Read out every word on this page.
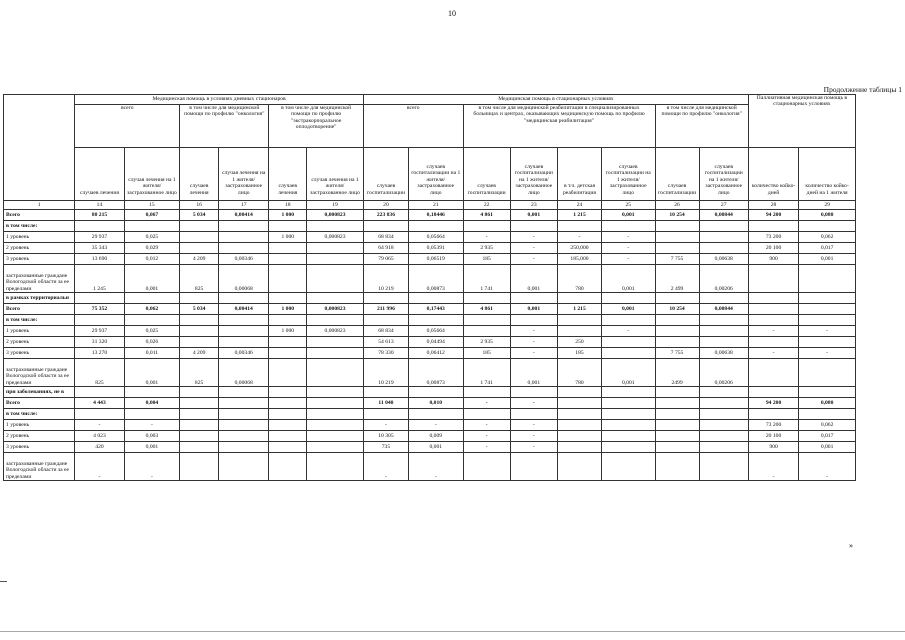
10
Продолжение таблицы 1
	Медицинская помощь в условиях дневных стационаров						Медицинская помощь в стационарных условиях								Паллиативная медицинская помощь в стационарных условиях	
	всего		в том числе для медицинской помощи по профилю "онкология"		в том числе для медицинской помощи по профилю "экстракорпоральное оплодотворение"		всего		в том числе для медицинской реабилитации в специализированных больницах и центрах, оказывающих медицинскую помощь по профилю "медицинская реабилитация"				в том числе для медицинской помощи по профилю "онкология"			
	случаев лечения	случая лечения на 1 жителя/застрахованное лицо	случаев лечения	случая лечения на 1 жителя/застрахованное лицо	случаев лечения	случая лечения на 1 жителя/застрахованное лицо	случаев госпитализации	случаев госпитализации на 1 жителя/застрахованное лицо	случаев госпитализации	случаев госпитализации на 1 жителя/застрахованное лицо	в т.ч. детская реабилитация	случаев госпитализации на 1 жителя/застрахованное лицо	случаев госпитализации	случаев госпитализации на 1 жителя/застрахованное лицо	количество койко-дней	количество койко-дней на 1 жителя
1	14	15	16	17	18	19	20	21	22	23	24	25	26	27	28	29
Всего	80 215	0,067	5 034	0,00414	1 000	0,000823	223 836	0,18446	4 861	0,001	1 215	0,001	10 254	0,00844	94 200	0,080
в том числе:																
1 уровень	29 937	0,025			1 000	0,000823	68 834	0,05664	-	-	-	-			73 200	0,062
2 уровень	35 343	0,029					64 918	0,05391	2 935	-	250,000	-			20 100	0,017
3 уровень	13 690	0,012	4 209	0,00346			79 065	0,06519	185	-	185,000	-	7 755	0,00638	900	0,001
застрахованные граждане Вологодской области за ее пределами	1 245	0,001	825	0,00068			10 219	0,00873	1 741	0,001	780	0,001	2 499	0,00206		
в рамках территориальн																
Всего	75 352	0,062	5 034	0,00414	1 000	0,000823	211 996	0,17443	4 861	0,001	1 215	0,001	10 254	0,00844		
в том числе:																
1 уровень	29 937	0,025			1 000	0,000823	68 834	0,05664		-		-			-	-
2 уровень	31 320	0,026					54 613	0,04494	2 935	-	250					
3 уровень	13 270	0,011	4 209	0,00346			78 330	0,06412	185	-	185		7 755	0,00638	-	-
застрахованные граждане Вологодской области за ее пределами	825	0,001	825	0,00068			10 219	0,00873	1 741	0,001	780	0,001	2499	0,00206		
при заболеваниях, не в																
Всего	4 443	0,004					11 040	0,010	-	-					94 200	0,080
в том числе:																
1 уровень	-	-					-	-	-	-					73 200	0,062
2 уровень	4 023	0,003					10 305	0,009	-	-					20 100	0,017
3 уровень	420	0,001					735	0,001	-	-					900	0,001
застрахованные граждане Вологодской области за ее пределами	-	-					-	-							-	-
»
